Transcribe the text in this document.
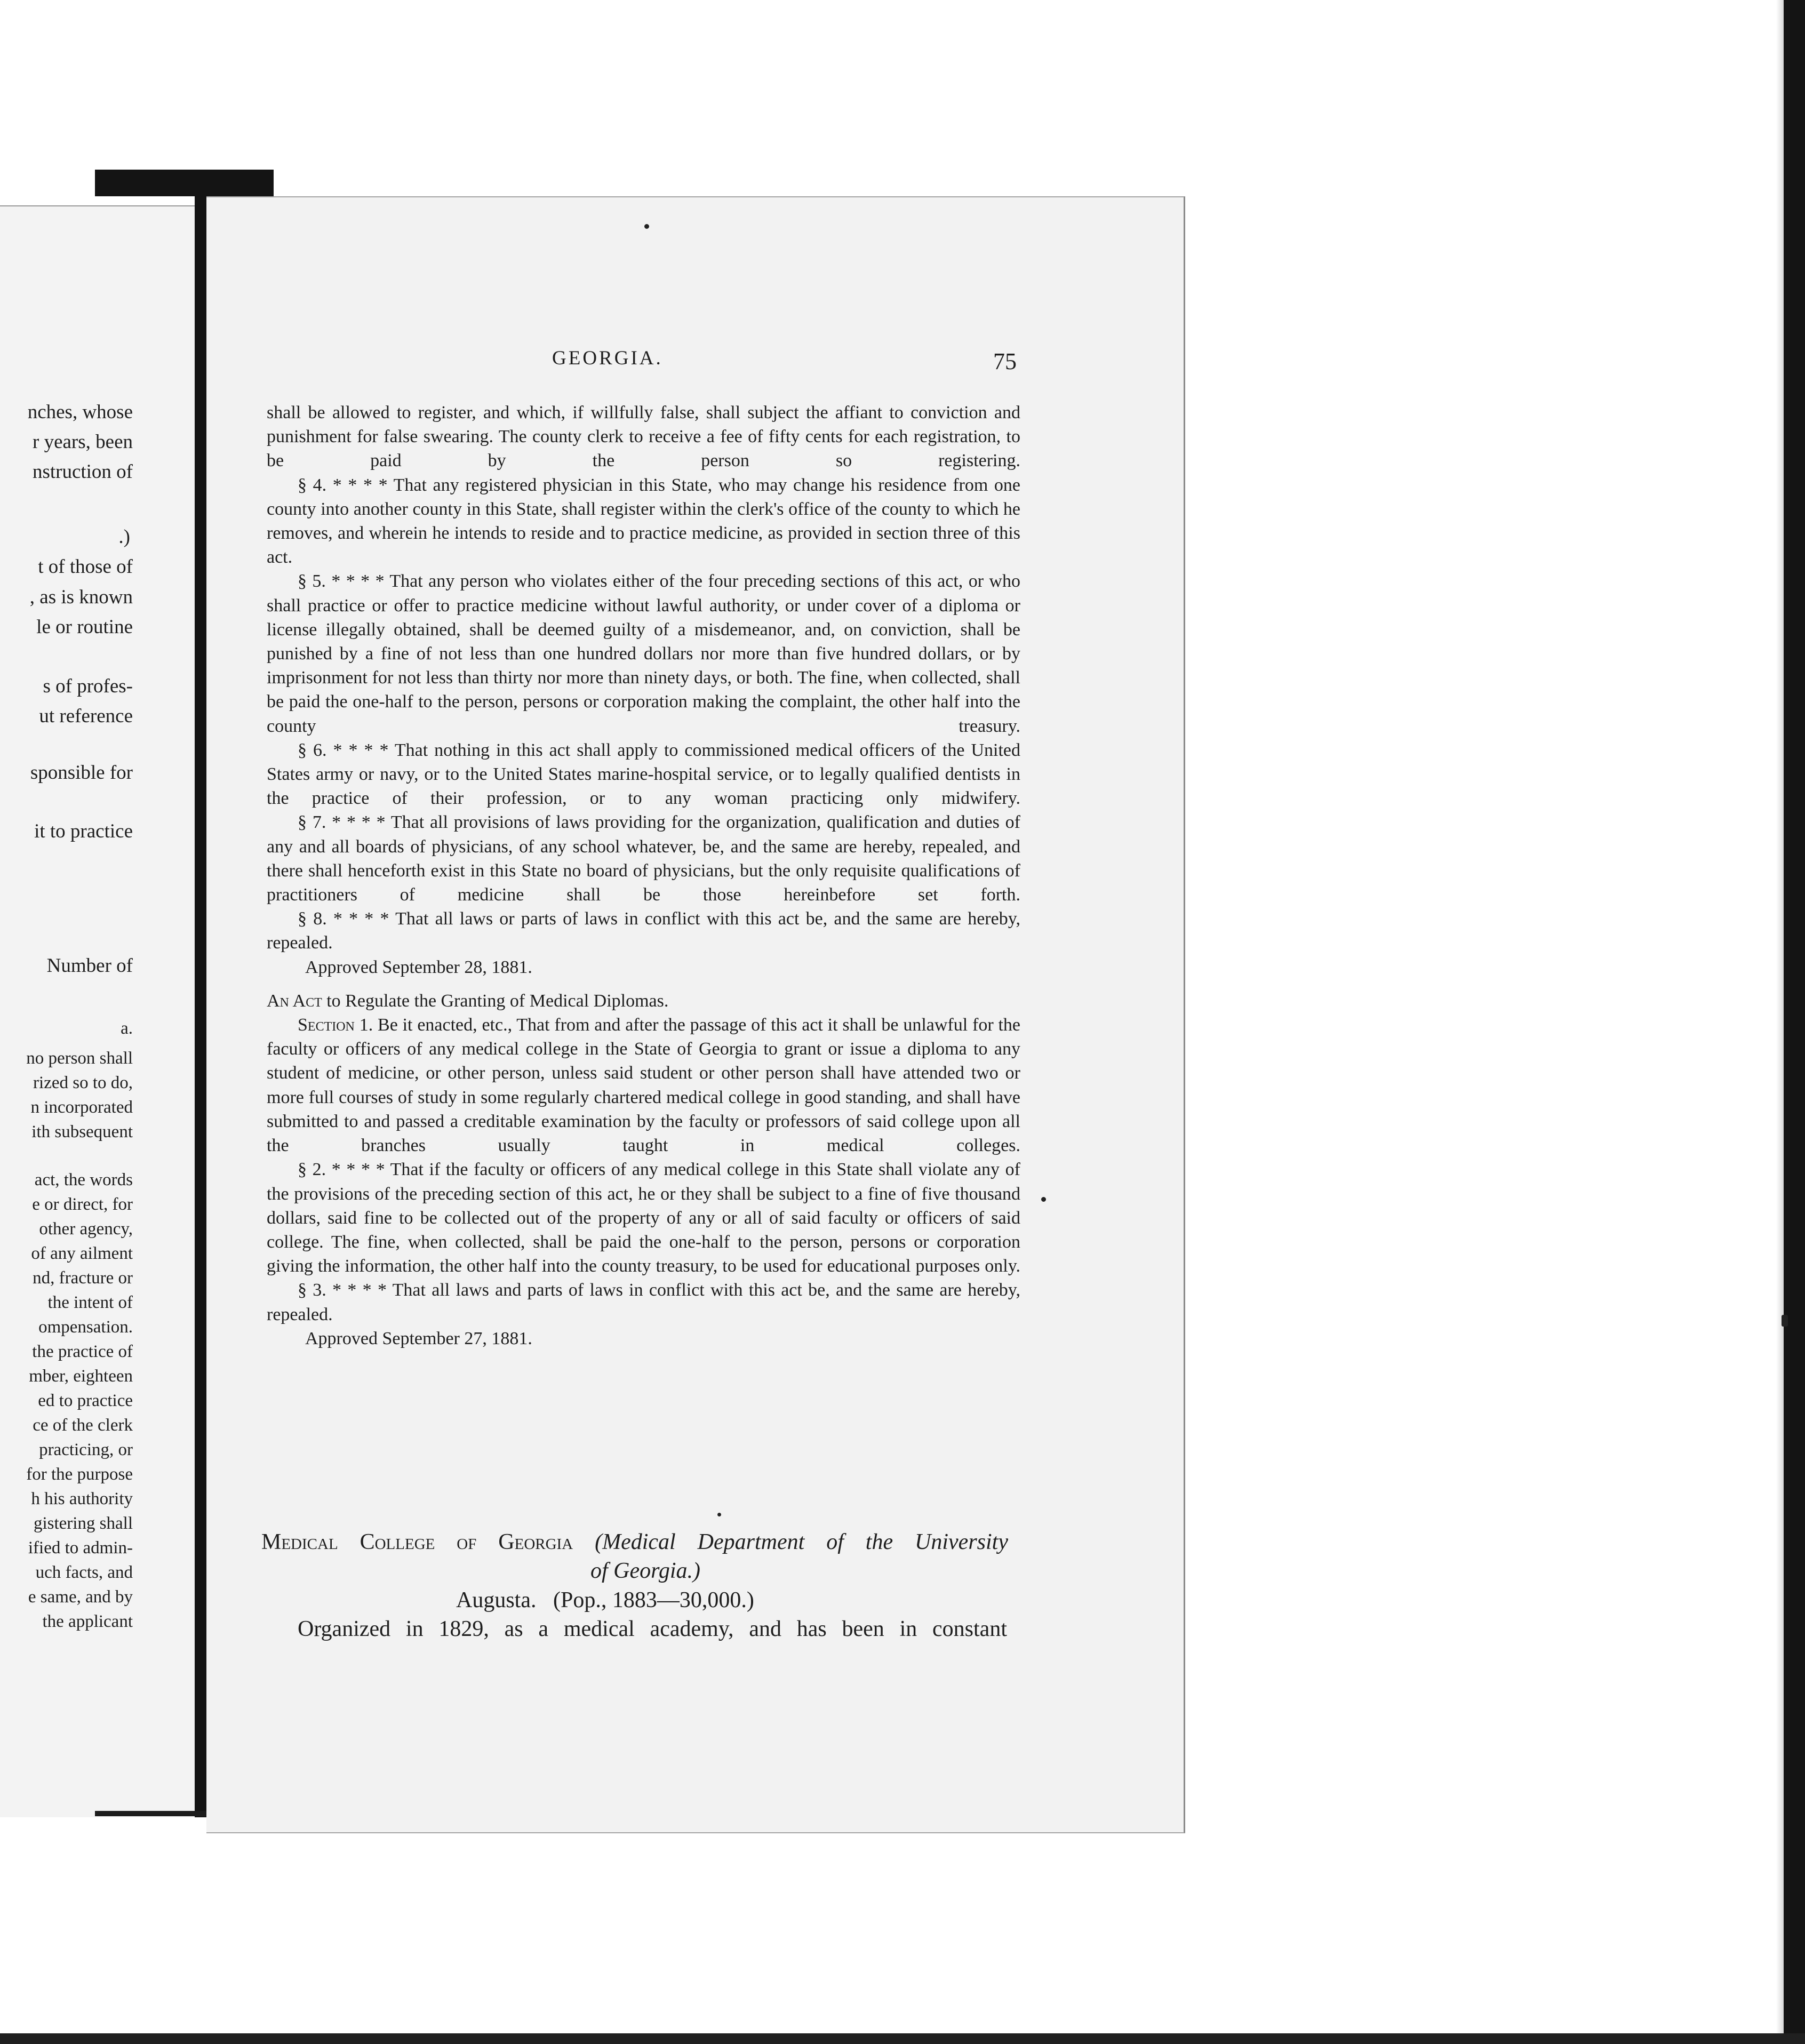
nches, whose
r years, been
nstruction of
.)
t of those of
, as is known
le or routine
s of profes-
ut reference
sponsible for
it to practice
Number of
a.
no person shall
rized so to do,
n incorporated
ith subsequent
act, the words
e or direct, for
other agency,
of any ailment
nd, fracture or
the intent of
ompensation.
the practice of
mber, eighteen
ed to practice
ce of the clerk
practicing, or
for the purpose
h his authority
gistering shall
ified to admin-
uch facts, and
e same, and by
the applicant
GEORGIA.	75

shall be allowed to register, and which, if willfully false, shall subject the affiant to conviction and punishment for false swearing. The county clerk to receive a fee of fifty cents for each registration, to be paid by the person so registering.

§ 4. * * * * That any registered physician in this State, who may change his residence from one county into another county in this State, shall register within the clerk's office of the county to which he removes, and wherein he intends to reside and to practice medicine, as provided in section three of this act.

§ 5. * * * * That any person who violates either of the four preceding sections of this act, or who shall practice or offer to practice medicine without lawful authority, or under cover of a diploma or license illegally obtained, shall be deemed guilty of a misdemeanor, and, on conviction, shall be punished by a fine of not less than one hundred dollars nor more than five hundred dollars, or by imprisonment for not less than thirty nor more than ninety days, or both. The fine, when collected, shall be paid the one-half to the person, persons or corporation making the complaint, the other half into the county treasury.

§ 6. * * * * That nothing in this act shall apply to commissioned medical officers of the United States army or navy, or to the United States marine-hospital service, or to legally qualified dentists in the practice of their profession, or to any woman practicing only midwifery.

§ 7. * * * * That all provisions of laws providing for the organization, qualification and duties of any and all boards of physicians, of any school whatever, be, and the same are hereby, repealed, and there shall henceforth exist in this State no board of physicians, but the only requisite qualifications of practitioners of medicine shall be those hereinbefore set forth.

§ 8. * * * * That all laws or parts of laws in conflict with this act be, and the same are hereby, repealed.

Approved September 28, 1881.

An Act to Regulate the Granting of Medical Diplomas.

Section 1. Be it enacted, etc., That from and after the passage of this act it shall be unlawful for the faculty or officers of any medical college in the State of Georgia to grant or issue a diploma to any student of medicine, or other person, unless said student or other person shall have attended two or more full courses of study in some regularly chartered medical college in good standing, and shall have submitted to and passed a creditable examination by the faculty or professors of said college upon all the branches usually taught in medical colleges.

§ 2. * * * * That if the faculty or officers of any medical college in this State shall violate any of the provisions of the preceding section of this act, he or they shall be subject to a fine of five thousand dollars, said fine to be collected out of the property of any or all of said faculty or officers of said college. The fine, when collected, shall be paid the one-half to the person, persons or corporation giving the information, the other half into the county treasury, to be used for educational purposes only.

§ 3. * * * * That all laws and parts of laws in conflict with this act be, and the same are hereby, repealed.

Approved September 27, 1881.

Medical College of Georgia (Medical Department of the University
of Georgia.)
Augusta. (Pop., 1883—30,000.)
Organized in 1829, as a medical academy, and has been in constant
